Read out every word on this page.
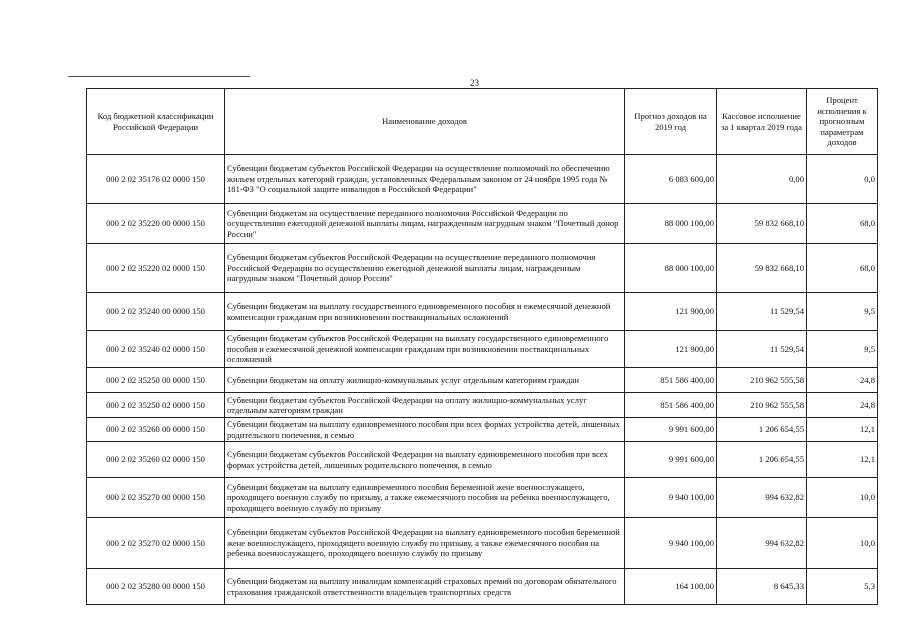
23
Код бюджетной классификации Российской Федерации	Наименование доходов	Прогноз доходов на 2019 год	Кассовое исполнение за 1 квартал 2019 года	Процент исполнения к прогнозным параметрам доходов
000 2 02 35176 02 0000 150	Субвенции бюджетам субъектов Российской Федерации на осуществление полномочий по обеспечению жильем отдельных категорий граждан, установленных Федеральным законом от 24 ноября 1995 года № 181-ФЗ "О социальной защите инвалидов в Российской Федерации"	6 083 600,00	0,00	0,0
000 2 02 35220 00 0000 150	Субвенции бюджетам на осуществление переданного полномочия Российской Федерации по осуществлению ежегодной денежной выплаты лицам, награжденным нагрудным знаком "Почетный донор России"	88 000 100,00	59 832 668,10	68,0
000 2 02 35220 02 0000 150	Субвенции бюджетам субъектов Российской Федерации на осуществление переданного полномочия Российской Федерации по осуществлению ежегодной денежной выплаты лицам, награжденным нагрудным знаком "Почетный донор России"	88 000 100,00	59 832 668,10	68,0
000 2 02 35240 00 0000 150	Субвенции бюджетам на выплату государственного единовременного пособия и ежемесячной денежной компенсации гражданам при возникновении поствакцинальных осложнений	121 900,00	11 529,54	9,5
000 2 02 35240 02 0000 150	Субвенции бюджетам субъектов Российской Федерации на выплату государственного единовременного пособия и ежемесячной денежной компенсации гражданам при возникновении поствакцинальных осложнений	121 900,00	11 529,54	9,5
000 2 02 35250 00 0000 150	Субвенции бюджетам на оплату жилищно-коммунальных услуг отдельным категориям граждан	851 586 400,00	210 962 555,58	24,8
000 2 02 35250 02 0000 150	Субвенции бюджетам субъектов Российской Федерации на оплату жилищно-коммунальных услуг отдельным категориям граждан	851 586 400,00	210 962 555,58	24,8
000 2 02 35260 00 0000 150	Субвенции бюджетам на выплату единовременного пособия при всех формах устройства детей, лишенных родительского попечения, в семью	9 991 600,00	1 206 654,55	12,1
000 2 02 35260 02 0000 150	Субвенции бюджетам субъектов Российской Федерации на выплату единовременного пособия при всех формах устройства детей, лишенных родительского попечения, в семью	9 991 600,00	1 206 654,55	12,1
000 2 02 35270 00 0000 150	Субвенции бюджетам на выплату единовременного пособия беременной жене военнослужащего, проходящего военную службу по призыву, а также ежемесячного пособия на ребенка военнослужащего, проходящего военную службу по призыву	9 940 100,00	994 632,82	10,0
000 2 02 35270 02 0000 150	Субвенции бюджетам субъектов Российской Федерации на выплату единовременного пособия беременной жене военнослужащего, проходящего военную службу по призыву, а также ежемесячного пособия на ребенка военнослужащего, проходящего военную службу по призыву	9 940 100,00	994 632,82	10,0
000 2 02 35280 00 0000 150	Субвенции бюджетам на выплату инвалидам компенсаций страховых премий по договорам обязательного страхования гражданской ответственности владельцев транспортных средств	164 100,00	8 645,33	5,3
